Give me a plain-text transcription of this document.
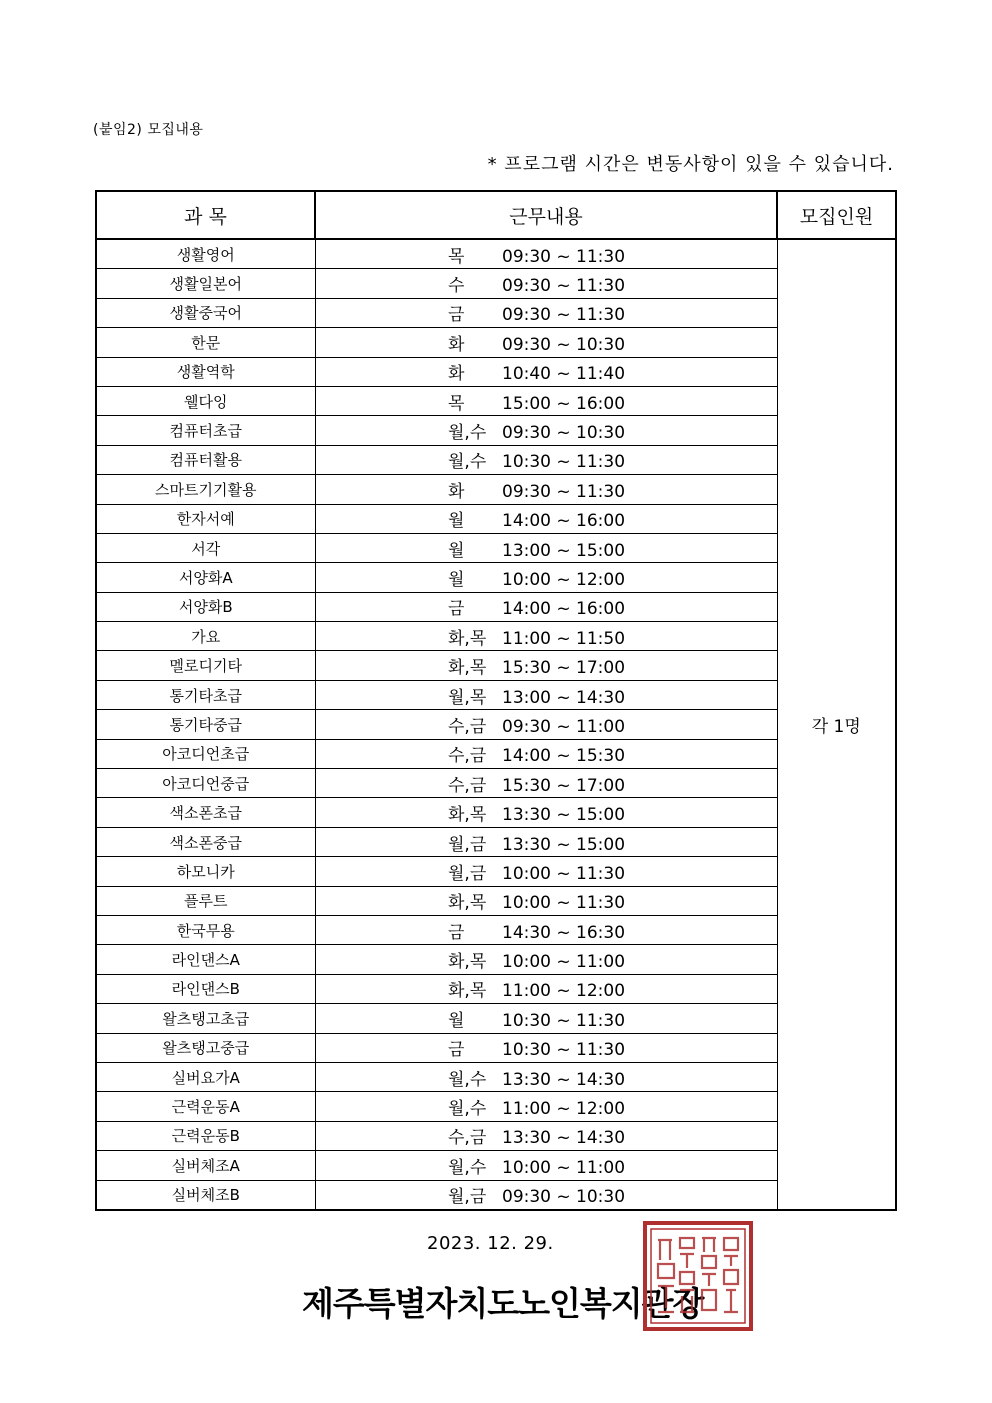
(붙임2) 모집내용
* 프로그램 시간은 변동사항이 있을 수 있습니다.
과 목	근무내용	모집인원
생활영어	목 09:30 ~ 11:30	각 1명
생활일본어	수 09:30 ~ 11:30	
생활중국어	금 09:30 ~ 11:30	
한문	화 09:30 ~ 10:30	
생활역학	화 10:40 ~ 11:40	
웰다잉	목 15:00 ~ 16:00	
컴퓨터초급	월,수 09:30 ~ 10:30	
컴퓨터활용	월,수 10:30 ~ 11:30	
스마트기기활용	화 09:30 ~ 11:30	
한자서예	월 14:00 ~ 16:00	
서각	월 13:00 ~ 15:00	
서양화A	월 10:00 ~ 12:00	
서양화B	금 14:00 ~ 16:00	
가요	화,목 11:00 ~ 11:50	
멜로디기타	화,목 15:30 ~ 17:00	
통기타초급	월,목 13:00 ~ 14:30	
통기타중급	수,금 09:30 ~ 11:00	
아코디언초급	수,금 14:00 ~ 15:30	
아코디언중급	수,금 15:30 ~ 17:00	
색소폰초급	화,목 13:30 ~ 15:00	
색소폰중급	월,금 13:30 ~ 15:00	
하모니카	월,금 10:00 ~ 11:30	
플루트	화,목 10:00 ~ 11:30	
한국무용	금 14:30 ~ 16:30	
라인댄스A	화,목 10:00 ~ 11:00	
라인댄스B	화,목 11:00 ~ 12:00	
왈츠탱고초급	월 10:30 ~ 11:30	
왈츠탱고중급	금 10:30 ~ 11:30	
실버요가A	월,수 13:30 ~ 14:30	
근력운동A	월,수 11:00 ~ 12:00	
근력운동B	수,금 13:30 ~ 14:30	
실버체조A	월,수 10:00 ~ 11:00	
실버체조B	월,금 09:30 ~ 10:30	
2023. 12. 29.
제주특별자치도노인복지관장
제주특별자치도노인복지관장인
